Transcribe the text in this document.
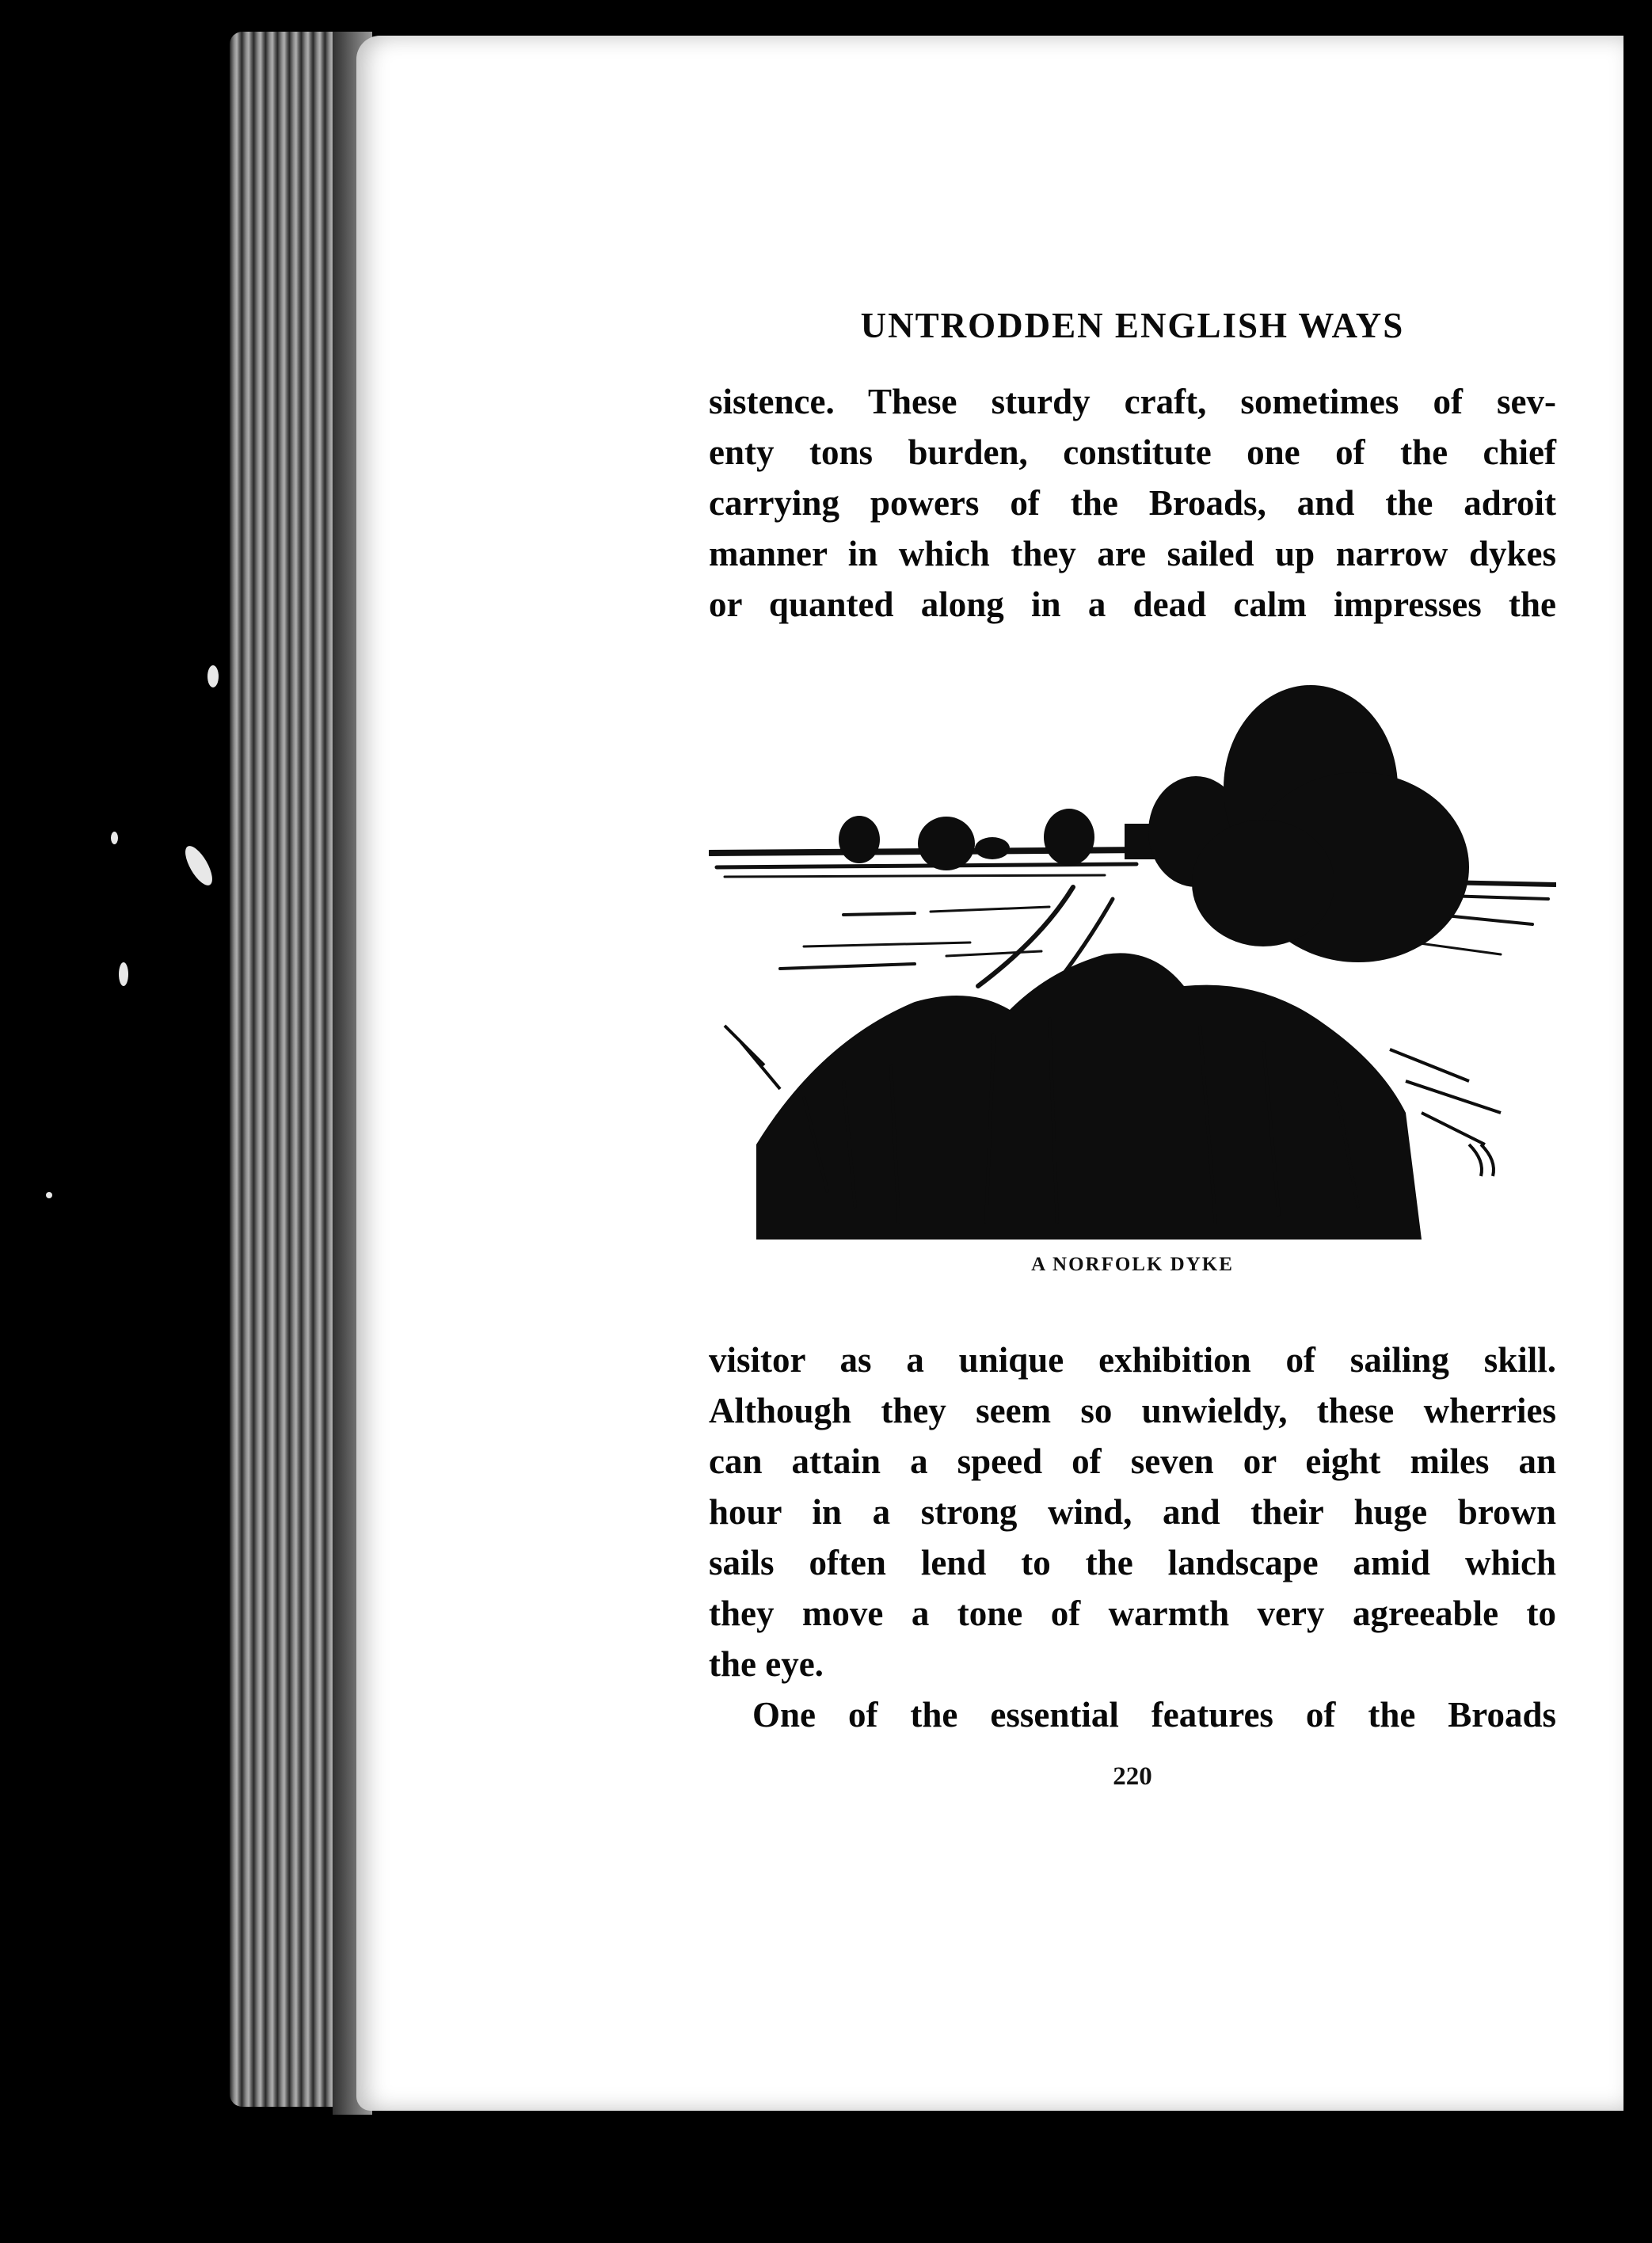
UNTRODDEN ENGLISH WAYS
sistence. These sturdy craft, sometimes of sev-
enty tons burden, constitute one of the chief
carrying powers of the Broads, and the adroit
manner in which they are sailed up narrow dykes
or quanted along in a dead calm impresses the
A NORFOLK DYKE
visitor as a unique exhibition of sailing skill.
Although they seem so unwieldy, these wherries
can attain a speed of seven or eight miles an
hour in a strong wind, and their huge brown
sails often lend to the landscape amid which
they move a tone of warmth very agreeable to
the eye.
One of the essential features of the Broads
220
